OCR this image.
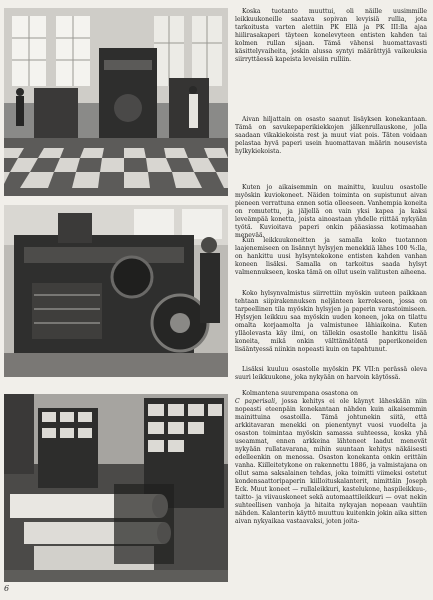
Koska tuotanto muuttui, oli näille uusimmille leikkuukoneille saatava sopivan levyisiä rullia, jota tarkoitusta varten alettiin PK Ellä ja PK III:lla ajaa hiilirasakaperi täyteen konelevyteen entisten kahden tai kolmen rullan sijaan. Tämä vähensi huomattavasti käsittelyvaiheita, joskin alussa syntyi määrättyjä vaikeuksia siirryttäessä kapeista leveisiin rulliin.

Aivan hiljattain on osasto saanut lisäyksen konekantaan. Tämä on savukepaperikiekkojen jälkenrullauskone, jolla saadaan vikakiekoista rest ja muut viat pois. Täten voidaan pelastaa hyvä paperi usein huomattavan määrin nousevista hylkykiekoista.

Kuten jo aikaisemmin on mainittu, kuuluu osastolle myöskin kuviokoneet. Näiden toiminta on supistunut aivan pieneen verrattuna ennen sotia olleeseen. Vanhempia koneita on romutettu, ja jäljellä on vain yksi kapea ja kaksi leveämpää konetta, joista ainoastaan yhdelle riittää nykyään työtä. Kuvioitava paperi onkin pääasiassa kotimaahan menevää.

Kun leikkuukoneitten ja samalla koko tuotannon laajenemiseen on lisännyt hylsyjen menekkiä lähes 100 %:lla, on hankittu uusi hylsyntekokone entisten kahden vanhan koneen lisäksi. Samalla on tarkoitus saada hylsyt valmennukseen, koska tämä on ollut usein valitusten aiheena.

Koko hylsynvalmistus siirrettiin myöskin uuteen paikkaan tehtaan siipirakennuksen neljänteen kerrokseen, jossa on tarpeellinen tila myöskin hylsyjen ja paperin varastoimiseen. Hylsyjen leikkuu saa myöskin uuden koneen, joka on tilattu omalta korjaamolta ja valmistunee lähiaikoina. Kuten ylläolevasta käy ilmi, on tällekin osastolle hankittu lisää koneita, mikä onkin välttämätöntä paperikoneiden lisääntyessä niinkin nopeasti kuin on tapahtunut.

Lisäksi kuuluu osastolle myöskin PK VII:n perässä oleva suuri leikkuukone, joka nykyään on harvoin käytössä.

Kolmantena suurempana osastona on

C paperisali, jossa kehitys ei ole käynyt läheskään niin nopeasti eteenpäin konekantaan nähden kuin aikaisemmin mainittuina osastoilla. Tämä johtunekin siitä, että arkkitavaran menekki on pienentynyt vuosi vuodelta ja osaston toimintaa myöskin samassa suhteessa, koska yhä useammat, ennen arkkeina lähteneet laadut menevät nykyään rullatavarana, mihin suuntaan kehitys näkäisesti edelleenkin on menossa. Osaston konekanta onkin erittäin vanha. Kiilleitetykone on rakennettu 1886, ja valmistajana on ollut sama saksalainen tehdas, joka toimitti viimeksi ostetut kondensaattoripaperin kiilloituskalanterit, nimittäin Joseph Eck. Muut koneet — rullaleikkuri, kastelukone, haspileikkuu-, taitto- ja viivauskoneet sekä automaattileikkuri — ovat nekin suhteellisen vanhoja ja hitaita nykyajan nopeaan vauhtiin nähden. Kalanterin käyttö muuttuu kuitenkin jokin aika sitten aivan nykyaikaa vastaavaksi, joten joita-

6
